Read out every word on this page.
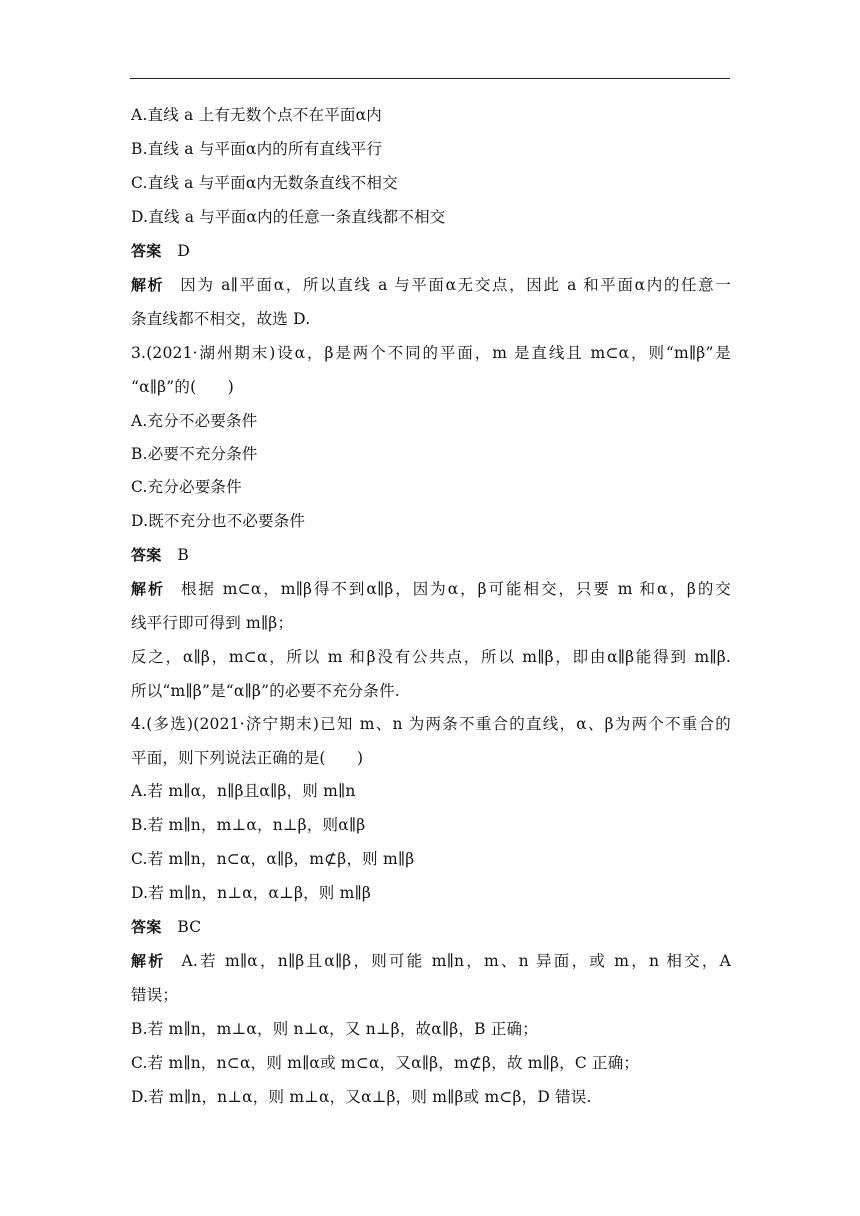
A.直线 a 上有无数个点不在平面α内
B.直线 a 与平面α内的所有直线平行
C.直线 a 与平面α内无数条直线不相交
D.直线 a 与平面α内的任意一条直线都不相交
答案 D
解析 因为 a∥平面α，所以直线 a 与平面α无交点，因此 a 和平面α内的任意一
条直线都不相交，故选 D.
3.(2021·湖州期末)设α，β是两个不同的平面，m 是直线且 m⊂α，则“m∥β”是
“α∥β”的(　　)
A.充分不必要条件
B.必要不充分条件
C.充分必要条件
D.既不充分也不必要条件
答案 B
解析 根据 m⊂α，m∥β得不到α∥β，因为α，β可能相交，只要 m 和α，β的交
线平行即可得到 m∥β；
反之，α∥β，m⊂α，所以 m 和β没有公共点，所以 m∥β，即由α∥β能得到 m∥β.
所以“m∥β”是“α∥β”的必要不充分条件.
4.(多选)(2021·济宁期末)已知 m、n 为两条不重合的直线，α、β为两个不重合的
平面，则下列说法正确的是(　　)
A.若 m∥α，n∥β且α∥β，则 m∥n
B.若 m∥n，m⊥α，n⊥β，则α∥β
C.若 m∥n，n⊂α，α∥β，m⊄β，则 m∥β
D.若 m∥n，n⊥α，α⊥β，则 m∥β
答案 BC
解析 A.若 m∥α，n∥β且α∥β，则可能 m∥n，m、n 异面，或 m，n 相交，A
错误；
B.若 m∥n，m⊥α，则 n⊥α，又 n⊥β，故α∥β，B 正确；
C.若 m∥n，n⊂α，则 m∥α或 m⊂α，又α∥β，m⊄β，故 m∥β，C 正确；
D.若 m∥n，n⊥α，则 m⊥α，又α⊥β，则 m∥β或 m⊂β，D 错误.
